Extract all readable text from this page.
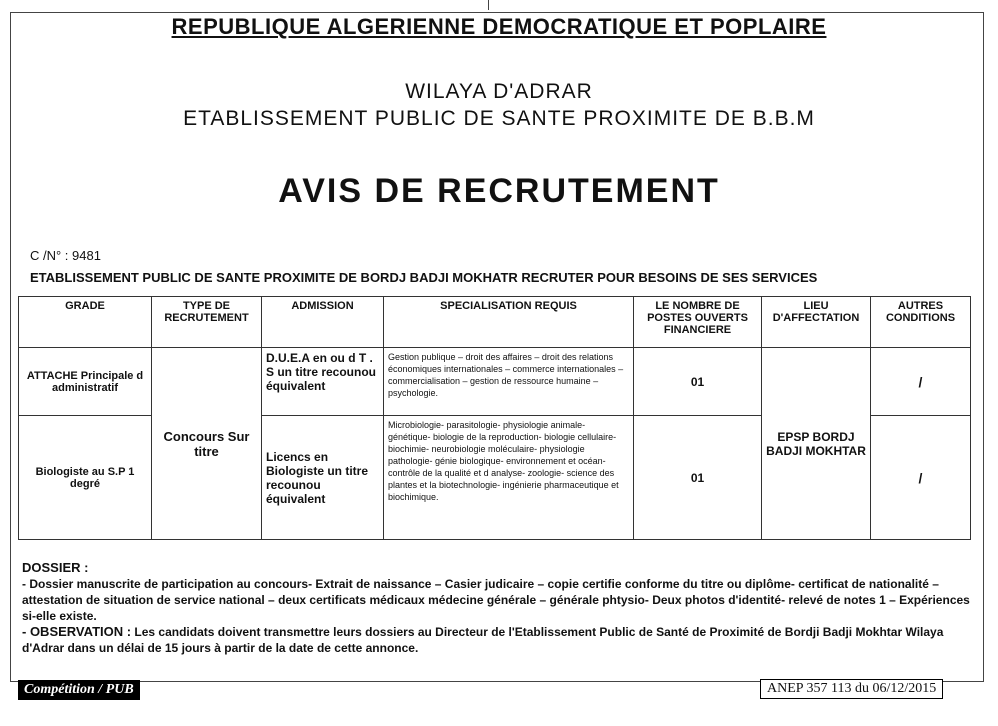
REPUBLIQUE ALGERIENNE DEMOCRATIQUE ET POPLAIRE
WILAYA D'ADRAR
ETABLISSEMENT PUBLIC DE SANTE PROXIMITE DE B.B.M
AVIS DE RECRUTEMENT
C /N° : 9481
ETABLISSEMENT PUBLIC DE SANTE PROXIMITE DE BORDJ BADJI MOKHATR RECRUTER POUR BESOINS DE SES SERVICES
GRADE	TYPE DE RECRUTEMENT	ADMISSION	SPECIALISATION REQUIS	LE NOMBRE DE POSTES OUVERTS FINANCIERE	LIEU D'AFFECTATION	AUTRES CONDITIONS
ATTACHE Principale d administratif	Concours Sur titre	D.U.E.A en ou d T . S un titre recounou équivalent	Gestion publique – droit des affaires – droit des relations économiques internationales – commerce internationales – commercialisation – gestion de ressource humaine – psychologie.	01	EPSP BORDJ BADJI MOKHTAR	/
Biologiste au S.P 1 degré		Licencs en Biologiste un titre recounou équivalent	Microbiologie- parasitologie- physiologie animale- génétique- biologie de la reproduction- biologie cellulaire- biochimie- neurobiologie moléculaire- physiologie pathologie- génie biologique- environnement et océan- contrôle de la qualité et d analyse- zoologie- science des plantes et la biotechnologie- ingénierie pharmaceutique et biochimique.	01		/
DOSSIER :
- Dossier manuscrite de participation au concours- Extrait de naissance – Casier judicaire – copie certifie conforme du titre ou diplôme- certificat de nationalité – attestation de situation de service national – deux certificats médicaux médecine générale – générale phtysio- Deux photos d'identité- relevé de notes 1 – Expériences si-elle existe.
- OBSERVATION : Les candidats doivent transmettre leurs dossiers au Directeur de l'Etablissement Public de Santé de Proximité de Bordji Badji Mokhtar Wilaya d'Adrar dans un délai de 15 jours à partir de la date de cette annonce.
Compétition / PUB	ANEP 357 113 du 06/12/2015
